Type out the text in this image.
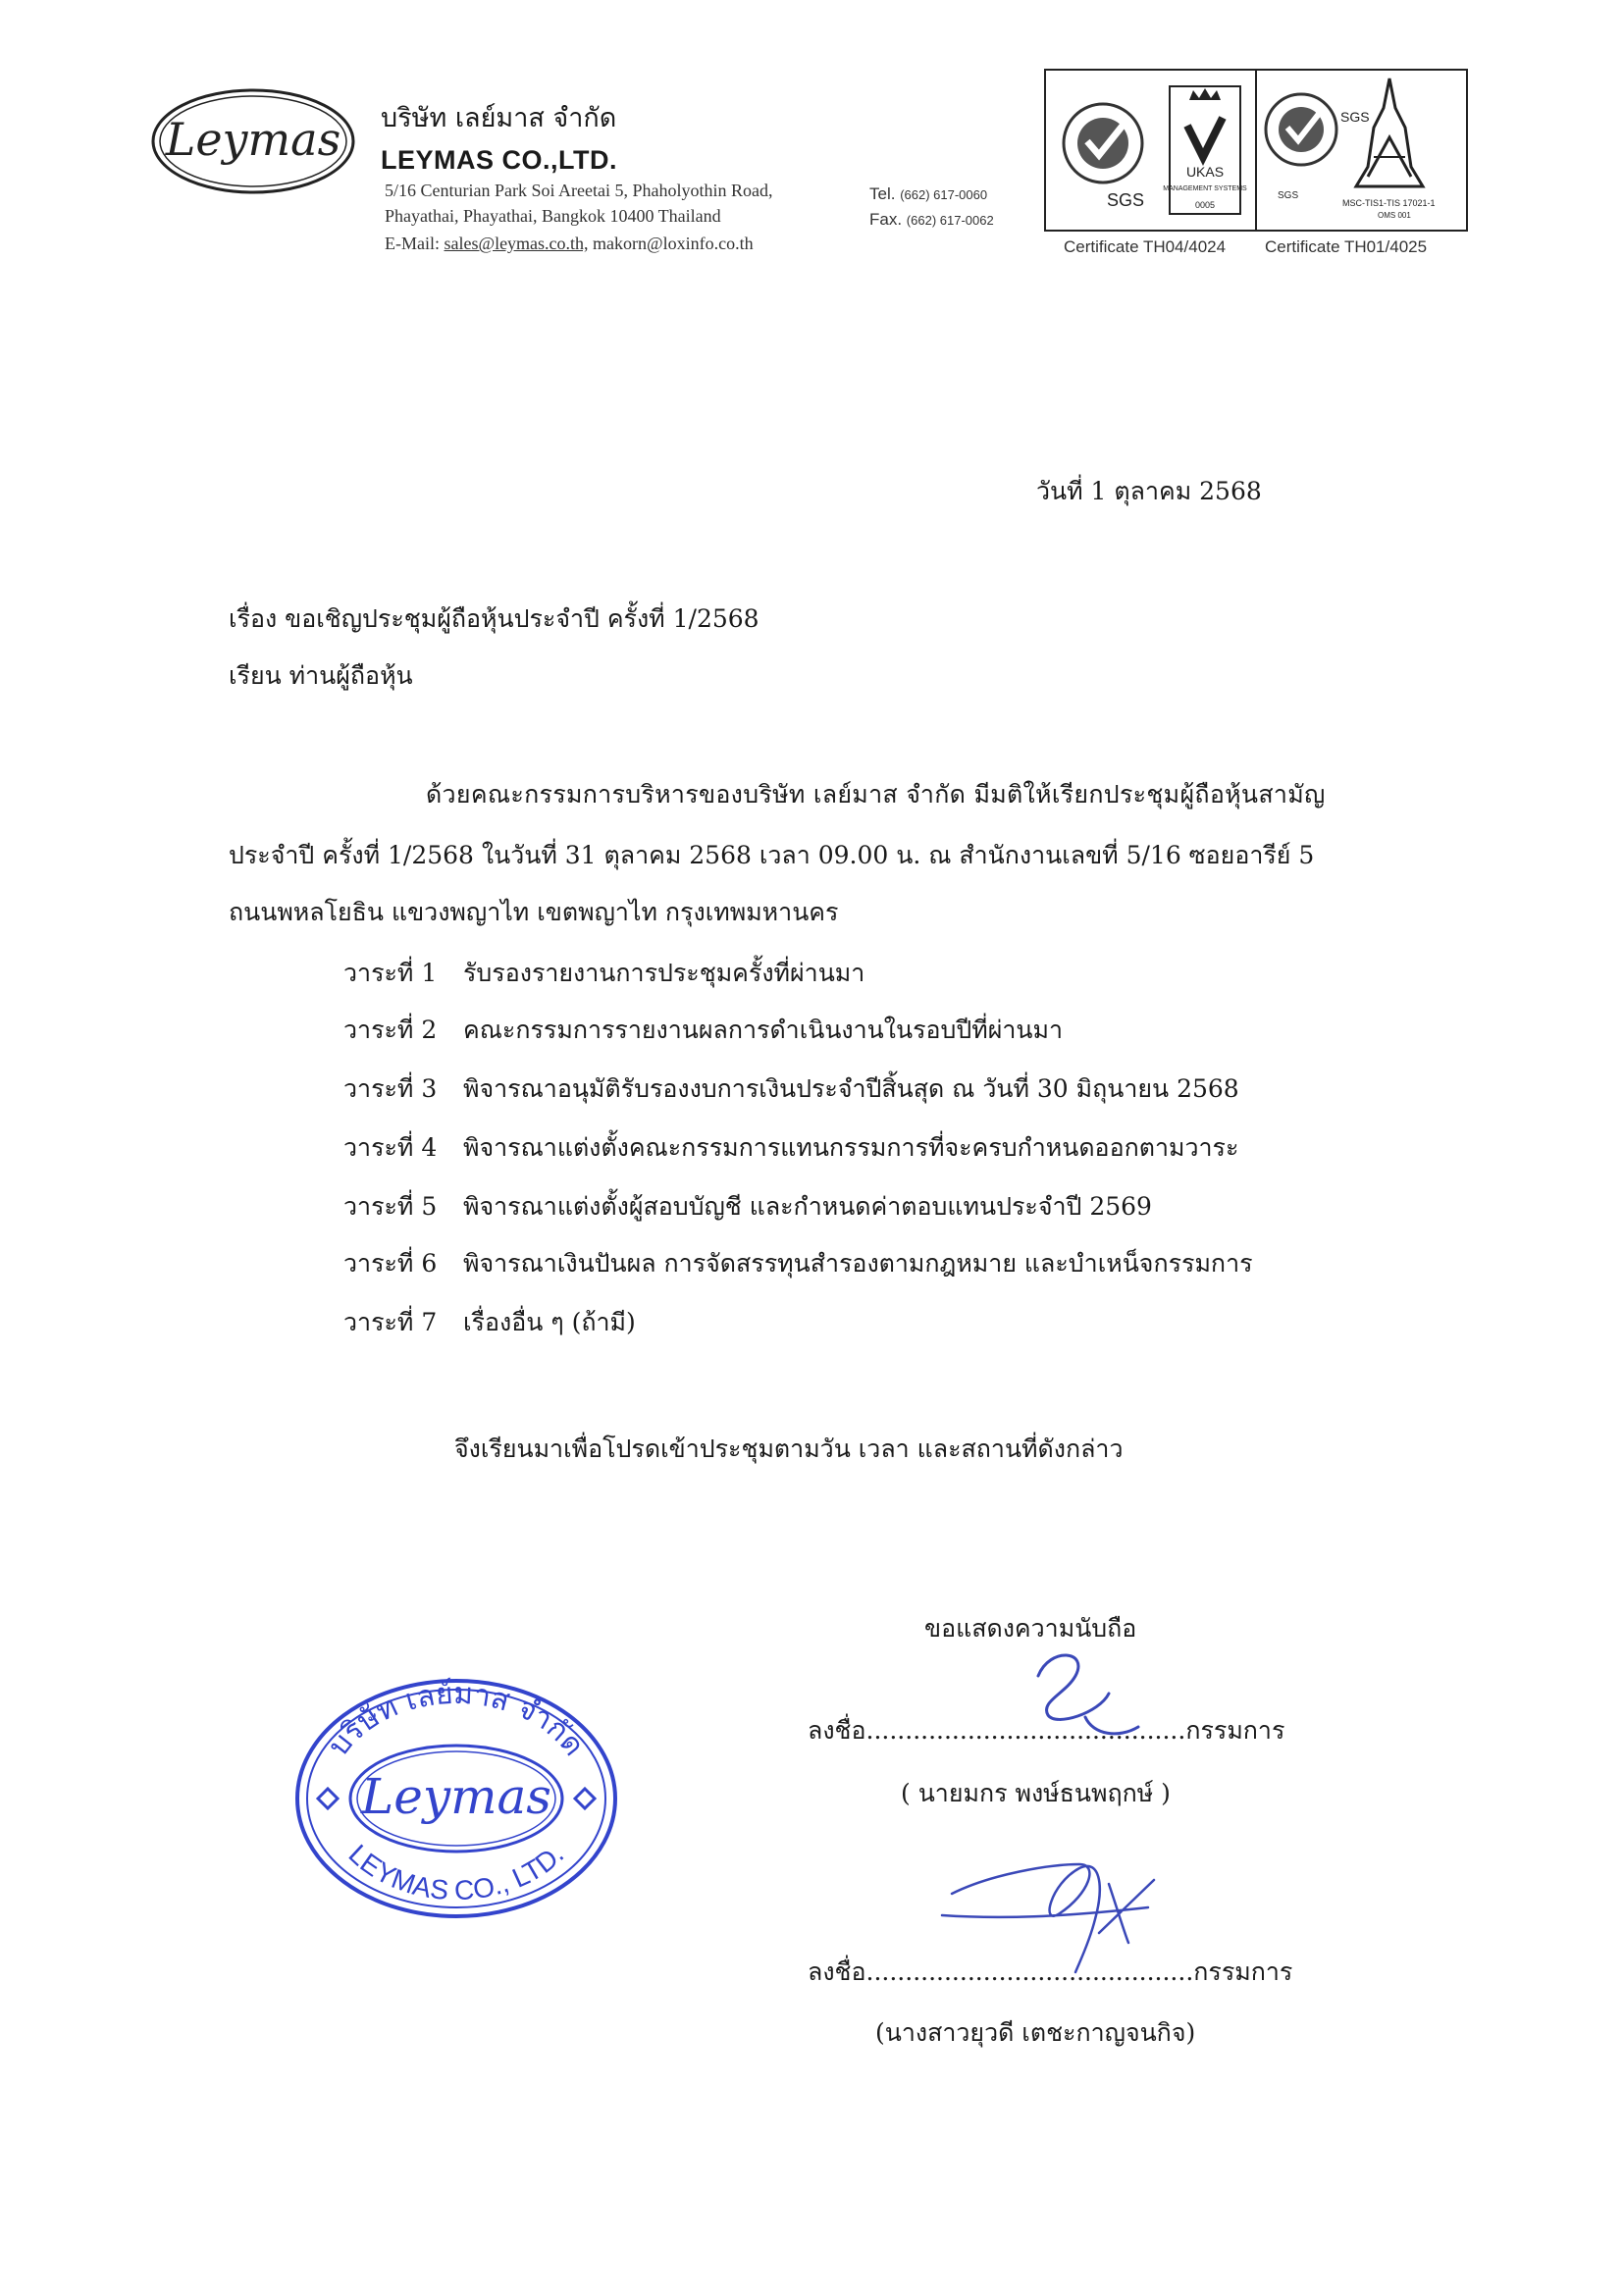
Leymas บริษัท เลย์มาส จำกัด
LEYMAS CO.,LTD.
5/16 Centurian Park Soi Areetai 5, Phaholyothin Road,
Phayathai, Phayathai, Bangkok 10400 Thailand
E-Mail: sales@leymas.co.th, makorn@loxinfo.co.th
Tel. (662) 617-0060
Fax. (662) 617-0062
SGS
UKAS
MANAGEMENT SYSTEMS
0005
SGS
SGS
MSC-TIS1-TIS 17021-1
OMS 001
Certificate TH04/4024 Certificate TH01/4025
วันที่ 1 ตุลาคม 2568
เรื่อง ขอเชิญประชุมผู้ถือหุ้นประจำปี ครั้งที่ 1/2568
เรียน ท่านผู้ถือหุ้น
ด้วยคณะกรรมการบริหารของบริษัท เลย์มาส จำกัด มีมติให้เรียกประชุมผู้ถือหุ้นสามัญ
ประจำปี ครั้งที่ 1/2568 ในวันที่ 31 ตุลาคม 2568 เวลา 09.00 น. ณ สำนักงานเลขที่ 5/16 ซอยอารีย์ 5
ถนนพหลโยธิน แขวงพญาไท เขตพญาไท กรุงเทพมหานคร
วาระที่ 1 รับรองรายงานการประชุมครั้งที่ผ่านมา
วาระที่ 2 คณะกรรมการรายงานผลการดำเนินงานในรอบปีที่ผ่านมา
วาระที่ 3 พิจารณาอนุมัติรับรองงบการเงินประจำปีสิ้นสุด ณ วันที่ 30 มิถุนายน 2568
วาระที่ 4 พิจารณาแต่งตั้งคณะกรรมการแทนกรรมการที่จะครบกำหนดออกตามวาระ
วาระที่ 5 พิจารณาแต่งตั้งผู้สอบบัญชี และกำหนดค่าตอบแทนประจำปี 2569
วาระที่ 6 พิจารณาเงินปันผล การจัดสรรทุนสำรองตามกฎหมาย และบำเหน็จกรรมการ
วาระที่ 7 เรื่องอื่น ๆ (ถ้ามี)
จึงเรียนมาเพื่อโปรดเข้าประชุมตามวัน เวลา และสถานที่ดังกล่าว
ขอแสดงความนับถือ
ลงชื่อ.........................................กรรมการ
( นายมกร พงษ์ธนพฤกษ์ )
ลงชื่อ..........................................กรรมการ
(นางสาวยุวดี เตชะกาญจนกิจ)
บริษัท เลย์มาส จำกัด
Leymas
LEYMAS CO., LTD.
